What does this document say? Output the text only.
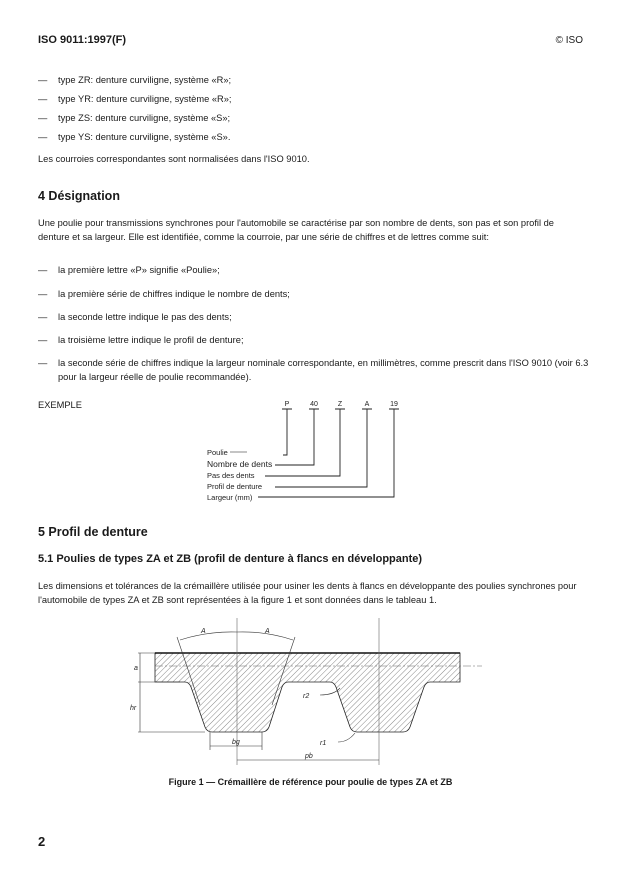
ISO 9011:1997(F)	© ISO
— type ZR: denture curviligne, système «R»;
— type YR: denture curviligne, système «R»;
— type ZS: denture curviligne, système «S»;
— type YS: denture curviligne, système «S».
Les courroies correspondantes sont normalisées dans l'ISO 9010.
4 Désignation
Une poulie pour transmissions synchrones pour l'automobile se caractérise par son nombre de dents, son pas et son profil de denture et sa largeur. Elle est identifiée, comme la courroie, par une série de chiffres et de lettres comme suit:
— la première lettre «P» signifie «Poulie»;
— la première série de chiffres indique le nombre de dents;
— la seconde lettre indique le pas des dents;
— la troisième lettre indique le profil de denture;
— la seconde série de chiffres indique la largeur nominale correspondante, en millimètres, comme prescrit dans l'ISO 9010 (voir 6.3 pour la largeur réelle de poulie recommandée).
EXEMPLE	P	40	Z	A	19
Poulie
Nombre de dents
Pas des dents
Profil de denture
Largeur (mm)
5 Profil de denture
5.1 Poulies de types ZA et ZB (profil de denture à flancs en développante)
Les dimensions et tolérances de la crémaillère utilisée pour usiner les dents à flancs en développante des poulies synchrones pour l'automobile de types ZA et ZB sont représentées à la figure 1 et sont données dans le tableau 1.
A	A
a
hr
bg
pb
r2
r1
Figure 1 — Crémaillère de référence pour poulie de types ZA et ZB
2
